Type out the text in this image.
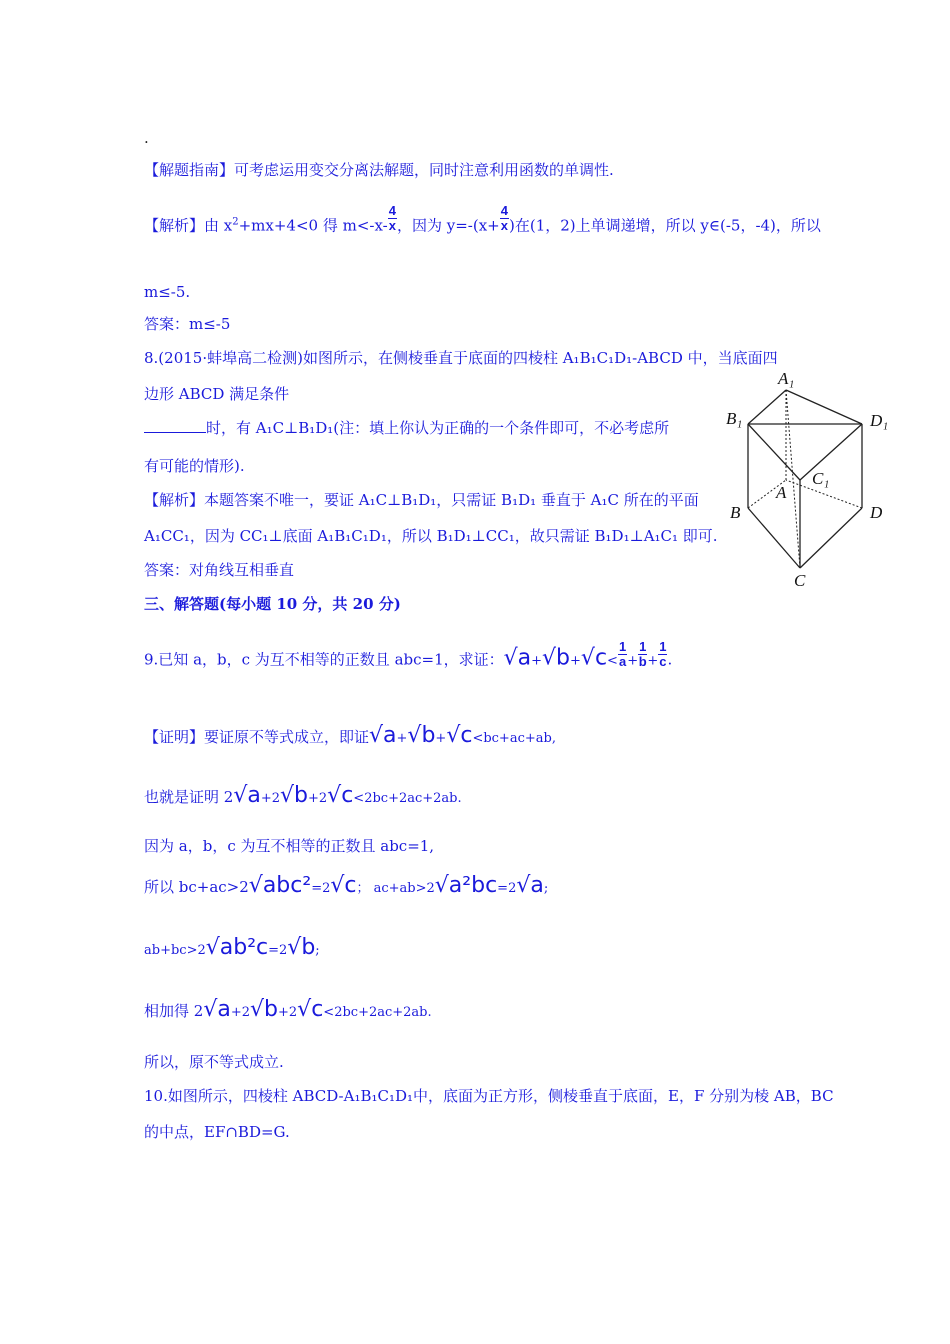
.
【解题指南】可考虑运用变交分离法解题，同时注意利用函数的单调性.
【解析】由 $x^2+mx+4<0$ 得 $m<-x- \frac{4}{x}$ ，因为 $y=-(x+ \frac{4}{x}$ )在(1，2)上单调递增，所以 y∈(-5，-4)，所以
m≤-5.
答案：m≤-5
8.(2015·蚌埠高二检测)如图所示，在侧棱垂直于底面的四棱柱 A₁B₁C₁D₁-ABCD 中，当底面四
边形 ABCD 满足条件
时，有 A₁C⊥B₁D₁(注：填上你认为正确的一个条件即可，不必考虑所
有可能的情形).
【解析】本题答案不唯一，要证 A₁C⊥B₁D₁，只需证 B₁D₁ 垂直于 A₁C 所在的平面
A₁CC₁，因为 CC₁⊥底面 A₁B₁C₁D₁，所以 B₁D₁⊥CC₁，故只需证 B₁D₁⊥A₁C₁ 即可.
答案：对角线互相垂直
三、解答题(每小题 10 分，共 20 分)
9.已知 a，b，c 为互不相等的正数且 abc=1，求证：$√a+√b+√c< \frac{1}{a} + \frac{1}{b} + \frac{1}{c}$ .
【证明】要证原不等式成立，即证√a+√b+√c<bc+ac+ab,
也就是证明 2√a+2√b+2√c<2bc+2ac+2ab.
因为 a，b，c 为互不相等的正数且 abc=1,
所以 bc+ac>2√abc²=2√c； ac+ab>2√a²bc=2√a;
ab+bc>2√ab²c=2√b;
相加得 2√a+2√b+2√c<2bc+2ac+2ab.
所以，原不等式成立.
10.如图所示，四棱柱 ABCD-A₁B₁C₁D₁中，底面为正方形，侧棱垂直于底面，E，F 分别为棱 AB，BC
的中点，EF∩BD=G.
A₁
B₁	D₁
C₁
A
B	D
C
